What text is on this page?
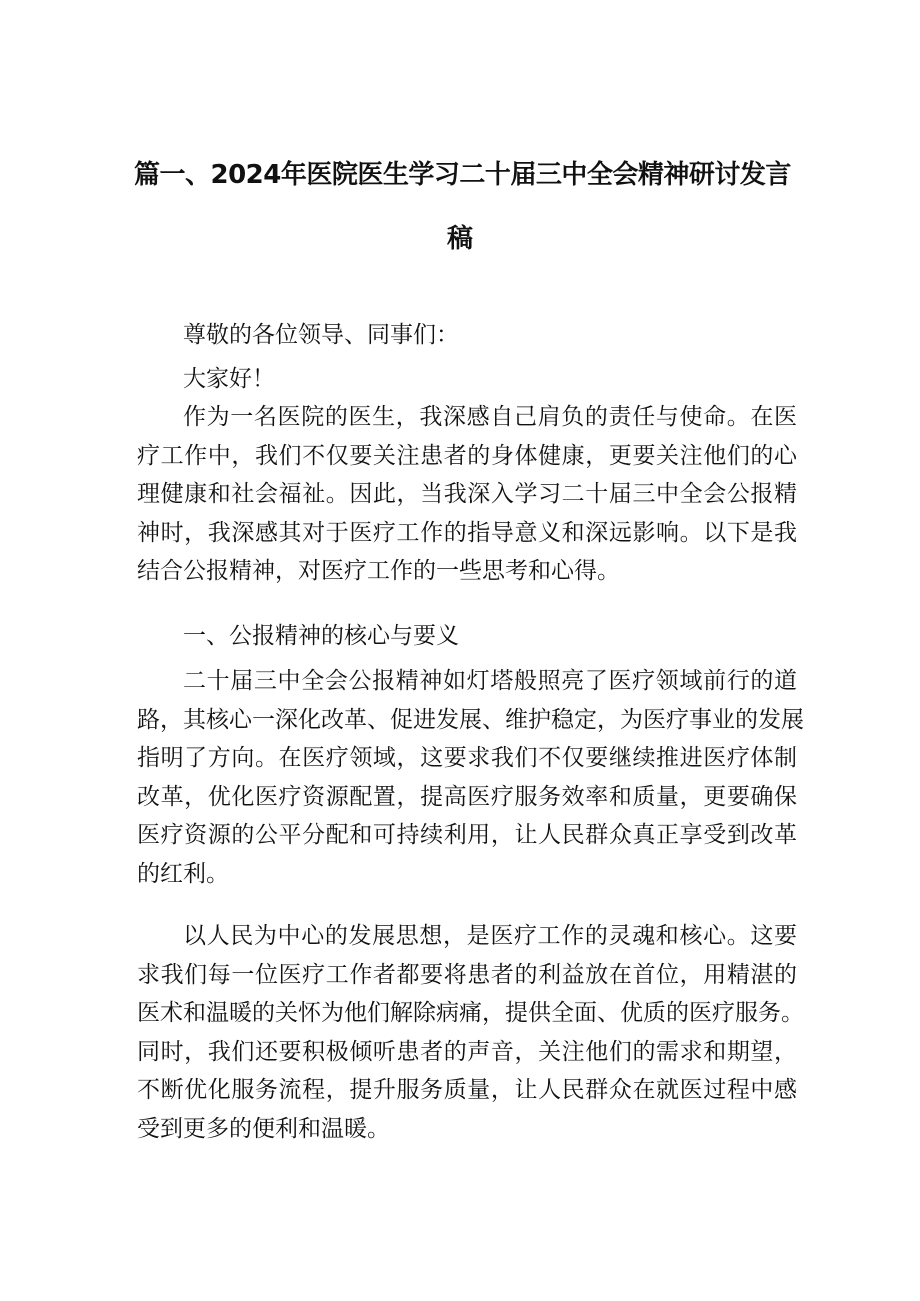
篇一、2024年医院医生学习二十届三中全会精神研讨发言
稿
尊敬的各位领导、同事们：
大家好！
作为一名医院的医生，我深感自己肩负的责任与使命。在医
疗工作中，我们不仅要关注患者的身体健康，更要关注他们的心
理健康和社会福祉。因此，当我深入学习二十届三中全会公报精
神时，我深感其对于医疗工作的指导意义和深远影响。以下是我
结合公报精神，对医疗工作的一些思考和心得。
一、公报精神的核心与要义
二十届三中全会公报精神如灯塔般照亮了医疗领域前行的道
路，其核心一深化改革、促进发展、维护稳定，为医疗事业的发展
指明了方向。在医疗领域，这要求我们不仅要继续推进医疗体制
改革，优化医疗资源配置，提高医疗服务效率和质量，更要确保
医疗资源的公平分配和可持续利用，让人民群众真正享受到改革
的红利。
以人民为中心的发展思想，是医疗工作的灵魂和核心。这要
求我们每一位医疗工作者都要将患者的利益放在首位，用精湛的
医术和温暖的关怀为他们解除病痛，提供全面、优质的医疗服务。
同时，我们还要积极倾听患者的声音，关注他们的需求和期望，
不断优化服务流程，提升服务质量，让人民群众在就医过程中感
受到更多的便利和温暖。
